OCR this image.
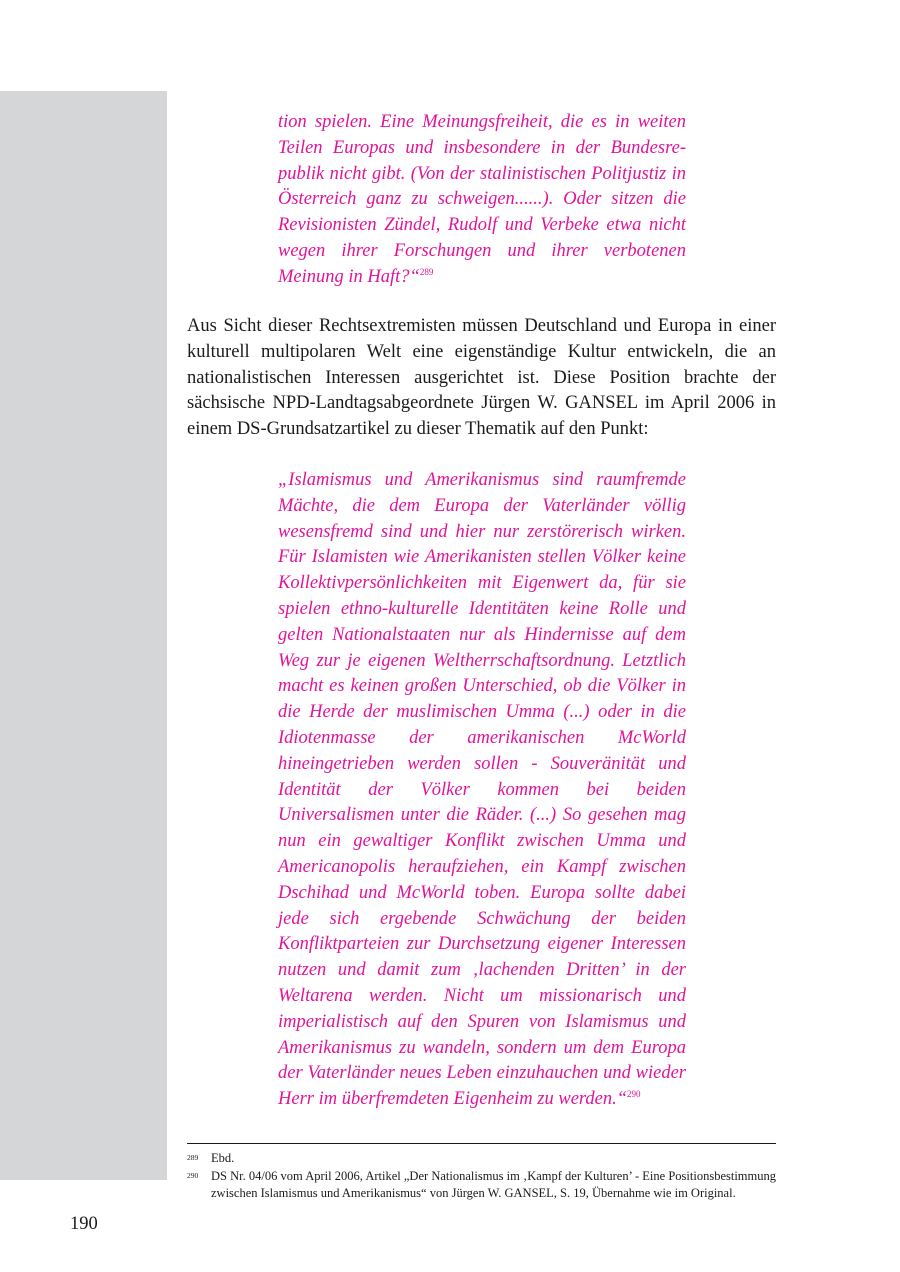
tion spielen. Eine Meinungsfreiheit, die es in weiten Teilen Europas und insbesondere in der Bundesrepublik nicht gibt. (Von der stalinistischen Politjustiz in Österreich ganz zu schweigen......). Oder sitzen die Revisionisten Zündel, Rudolf und Verbeke etwa nicht wegen ihrer Forschungen und ihrer verbotenen Meinung in Haft?“$^{289}$
Aus Sicht dieser Rechtsextremisten müssen Deutschland und Europa in einer kulturell multipolaren Welt eine eigenständige Kultur entwickeln, die an nationalistischen Interessen ausgerichtet ist. Diese Position brachte der sächsische NPD-Landtagsabgeordnete Jürgen W. GANSEL im April 2006 in einem DS-Grundsatzartikel zu dieser Thematik auf den Punkt:
„Islamismus und Amerikanismus sind raumfremde Mächte, die dem Europa der Vaterländer völlig wesensfremd sind und hier nur zerstörerisch wirken. Für Islamisten wie Amerikanisten stellen Völker keine Kollektivpersönlichkeiten mit Eigenwert da, für sie spielen ethno-kulturelle Identitäten keine Rolle und gelten Nationalstaaten nur als Hindernisse auf dem Weg zur je eigenen Weltherrschaftsordnung. Letztlich macht es keinen großen Unterschied, ob die Völker in die Herde der muslimischen Umma (...) oder in die Idiotenmasse der amerikanischen McWorld hineingetrieben werden sollen - Souveränität und Identität der Völker kommen bei beiden Universalismen unter die Räder. (...) So gesehen mag nun ein gewaltiger Konflikt zwischen Umma und Americanopolis heraufziehen, ein Kampf zwischen Dschihad und McWorld toben. Europa sollte dabei jede sich ergebende Schwächung der beiden Konfliktparteien zur Durchsetzung eigener Interessen nutzen und damit zum ‚lachenden Dritten’ in der Weltarena werden. Nicht um missionarisch und imperialistisch auf den Spuren von Islamismus und Amerikanismus zu wandeln, sondern um dem Europa der Vaterländer neues Leben einzuhauchen und wieder Herr im überfremdeten Eigenheim zu werden.“$^{290}$
289	Ebd.
290	DS Nr. 04/06 vom April 2006, Artikel „Der Nationalismus im ‚Kampf der Kulturen’ - Eine Positionsbestimmung zwischen Islamismus und Amerikanismus“ von Jürgen W. GANSEL, S. 19, Übernahme wie im Original.
190
